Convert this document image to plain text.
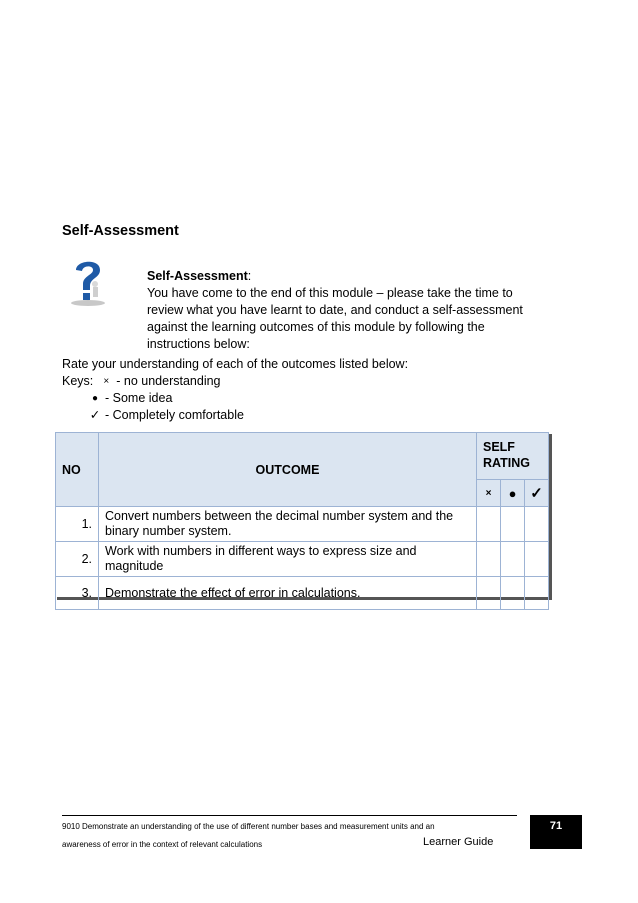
Self-Assessment
Self-Assessment:
You have come to the end of this module – please take the time to
review what you have learnt to date, and conduct a self-assessment
against the learning outcomes of this module by following the
instructions below:
Rate your understanding of each of the outcomes listed below:
Keys:	× - no understanding
● - Some idea
✓ - Completely comfortable
NO	OUTCOME	SELF RATING		
		×	●	✓
1.	Convert numbers between the decimal number system and the binary number system.			
2.	Work with numbers in different ways to express size and magnitude			
3.	Demonstrate the effect of error in calculations.			
9010 Demonstrate an understanding of the use of different number bases and measurement units and an
awareness of error in the context of relevant calculations	Learner Guide
71
